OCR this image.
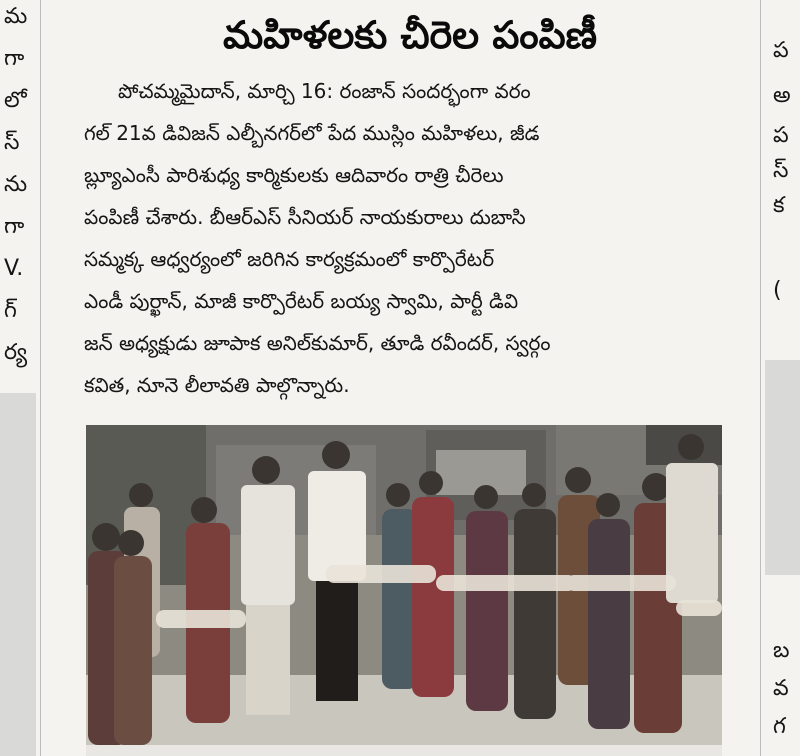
మ
గా
లో
స్
ను
గా
V.
గ్
ర్య
ప
అ
ప
స్
క
(
బ
వ
గ
మహిళలకు చీరెల పంపిణీ
పోచమ్మమైదాన్, మార్చి 16: రంజాన్ సందర్భంగా వరం
గల్ 21వ డివిజన్ ఎల్బీనగర్‌లో పేద ముస్లిం మహిళలు, జీడ
బ్ల్యూఎంసీ పారిశుధ్య కార్మికులకు ఆదివారం రాత్రి చీరెలు
పంపిణీ చేశారు. బీఆర్ఎస్ సీనియర్ నాయకురాలు దుబాసి
సమ్మక్క ఆధ్వర్యంలో జరిగిన కార్యక్రమంలో కార్పొరేటర్
ఎండీ పుర్ఖాన్, మాజీ కార్పొరేటర్ బయ్య స్వామి, పార్టీ డివి
జన్ అధ్యక్షుడు జూపాక అనిల్‌కుమార్, తూడి రవీందర్, స్వర్గం
కవిత, నూనె లీలావతి పాల్గొన్నారు.
